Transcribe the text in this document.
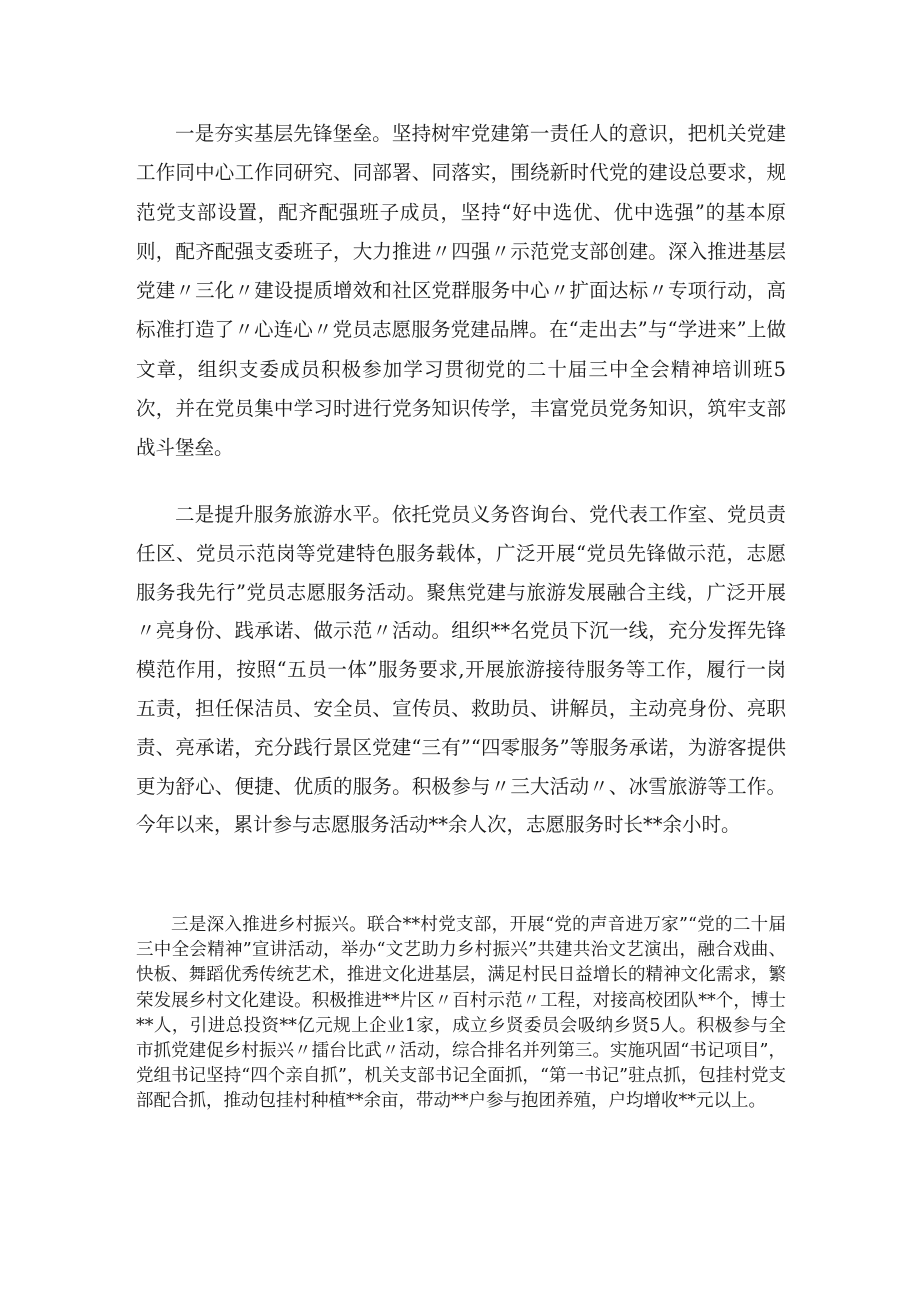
一是夯实基层先锋堡垒。坚持树牢党建第一责任人的意识，把机关党建工作同中心工作同研究、同部署、同落实，围绕新时代党的建设总要求，规范党支部设置，配齐配强班子成员，坚持“好中选优、优中选强”的基本原则，配齐配强支委班子，大力推进〃四强〃示范党支部创建。深入推进基层党建〃三化〃建设提质增效和社区党群服务中心〃扩面达标〃专项行动，高标准打造了〃心连心〃党员志愿服务党建品牌。在“走出去”与“学进来”上做文章，组织支委成员积极参加学习贯彻党的二十届三中全会精神培训班5次，并在党员集中学习时进行党务知识传学，丰富党员党务知识，筑牢支部战斗堡垒。

二是提升服务旅游水平。依托党员义务咨询台、党代表工作室、党员责任区、党员示范岗等党建特色服务载体，广泛开展“党员先锋做示范，志愿服务我先行”党员志愿服务活动。聚焦党建与旅游发展融合主线，广泛开展〃亮身份、践承诺、做示范〃活动。组织**名党员下沉一线，充分发挥先锋模范作用，按照“五员一体”服务要求,开展旅游接待服务等工作，履行一岗五责，担任保洁员、安全员、宣传员、救助员、讲解员，主动亮身份、亮职责、亮承诺，充分践行景区党建“三有”“四零服务”等服务承诺，为游客提供更为舒心、便捷、优质的服务。积极参与〃三大活动〃、冰雪旅游等工作。今年以来，累计参与志愿服务活动**余人次，志愿服务时长**余小时。

三是深入推进乡村振兴。联合**村党支部，开展“党的声音进万家”“党的二十届三中全会精神”宣讲活动，举办“文艺助力乡村振兴”共建共治文艺演出，融合戏曲、快板、舞蹈优秀传统艺术，推进文化进基层，满足村民日益增长的精神文化需求，繁荣发展乡村文化建设。积极推进**片区〃百村示范〃工程，对接高校团队**个，博士**人，引进总投资**亿元规上企业1家，成立乡贤委员会吸纳乡贤5人。积极参与全市抓党建促乡村振兴〃擂台比武〃活动，综合排名并列第三。实施巩固“书记项目”，党组书记坚持“四个亲自抓”，机关支部书记全面抓，“第一书记”驻点抓，包挂村党支部配合抓，推动包挂村种植**余亩，带动**户参与抱团养殖，户均增收**元以上。
